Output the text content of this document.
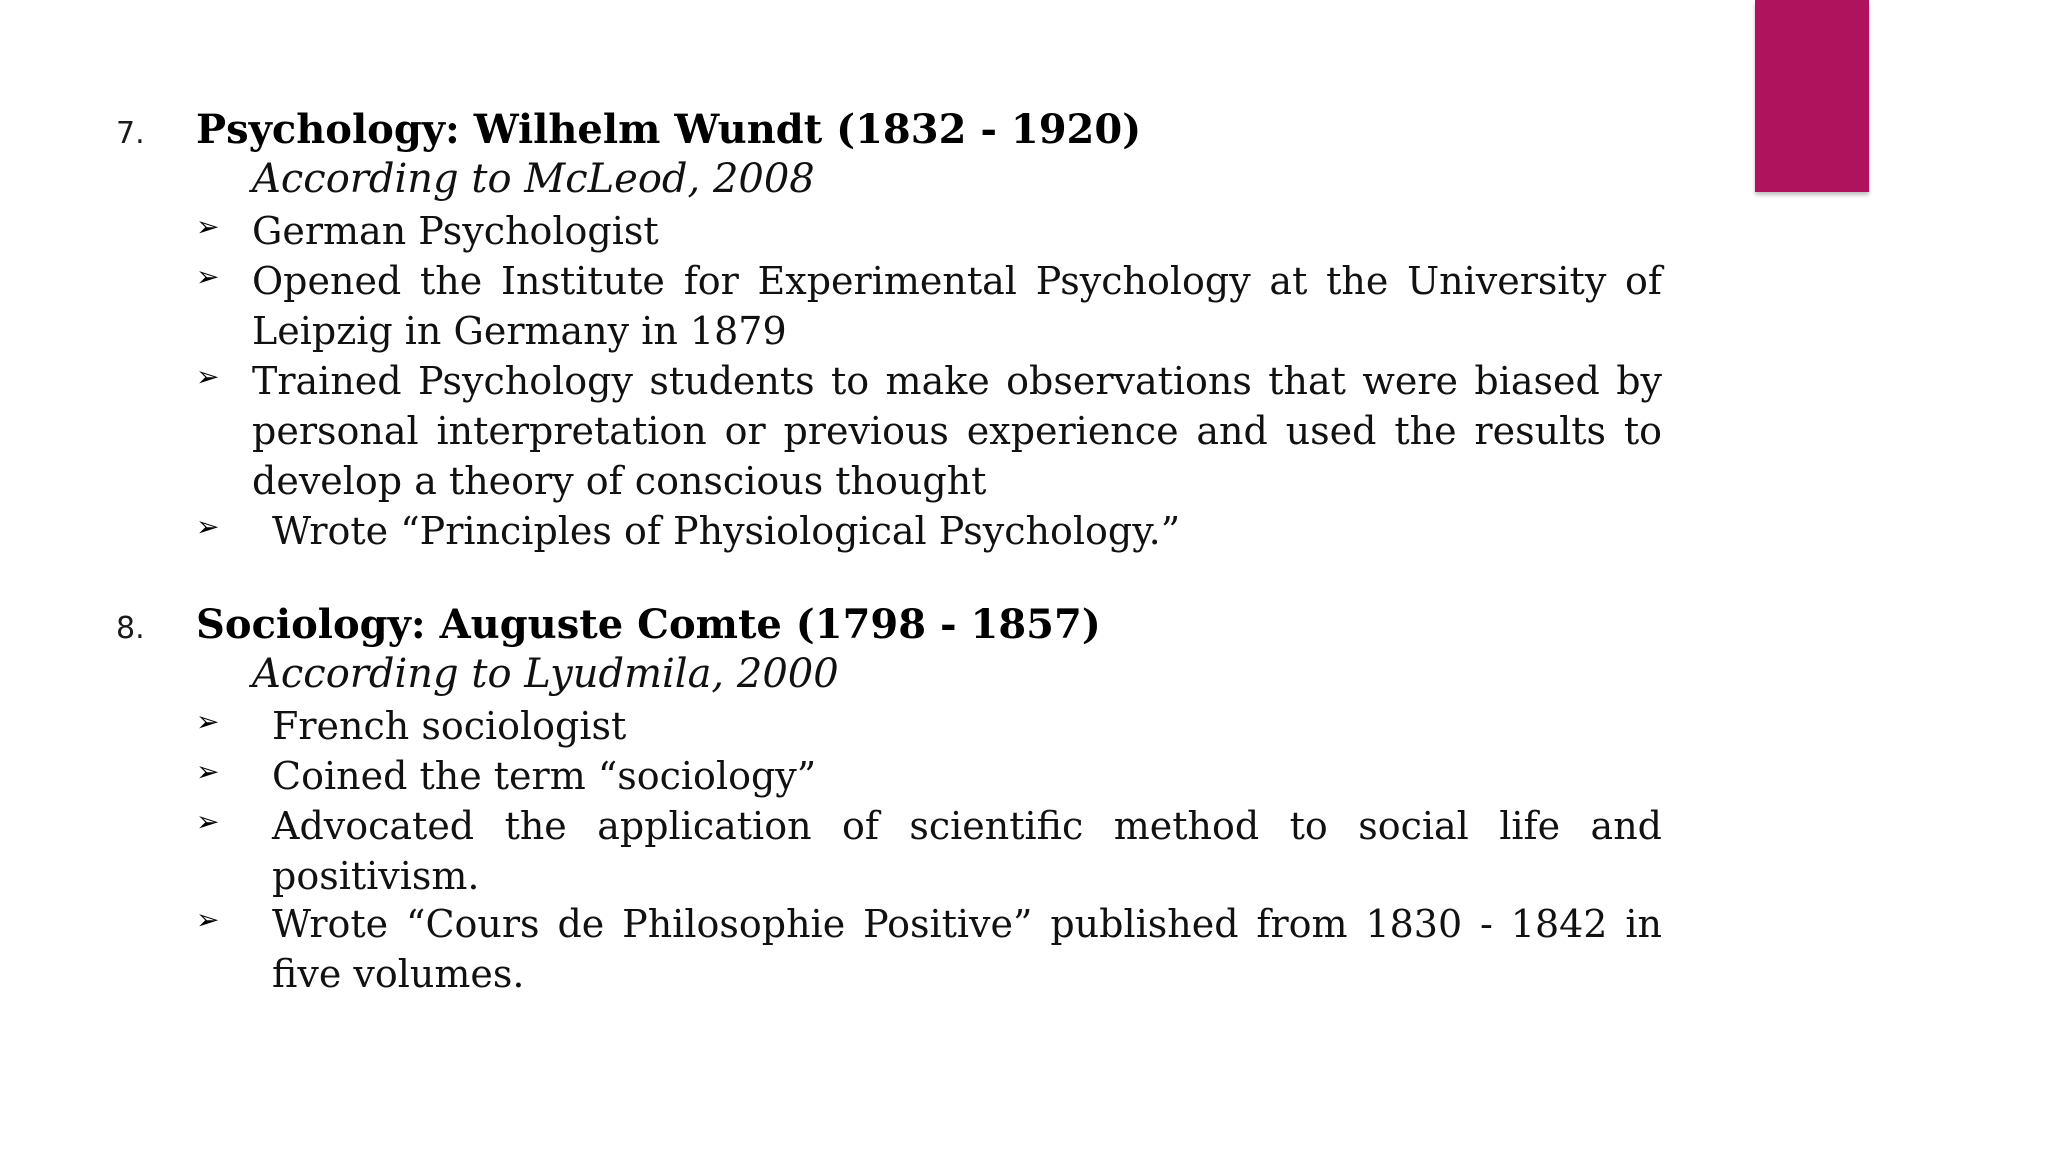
7. Psychology: Wilhelm Wundt (1832 - 1920)
According to McLeod, 2008
➢ German Psychologist
➢ Opened the Institute for Experimental Psychology at the University of Leipzig in Germany in 1879
➢ Trained Psychology students to make observations that were biased by personal interpretation or previous experience and used the results to develop a theory of conscious thought
➢ Wrote “Principles of Physiological Psychology.”
8. Sociology: Auguste Comte (1798 - 1857)
According to Lyudmila, 2000
➢ French sociologist
➢ Coined the term “sociology”
➢ Advocated the application of scientific method to social life and positivism.
➢ Wrote “Cours de Philosophie Positive” published from 1830 - 1842 in five volumes.
